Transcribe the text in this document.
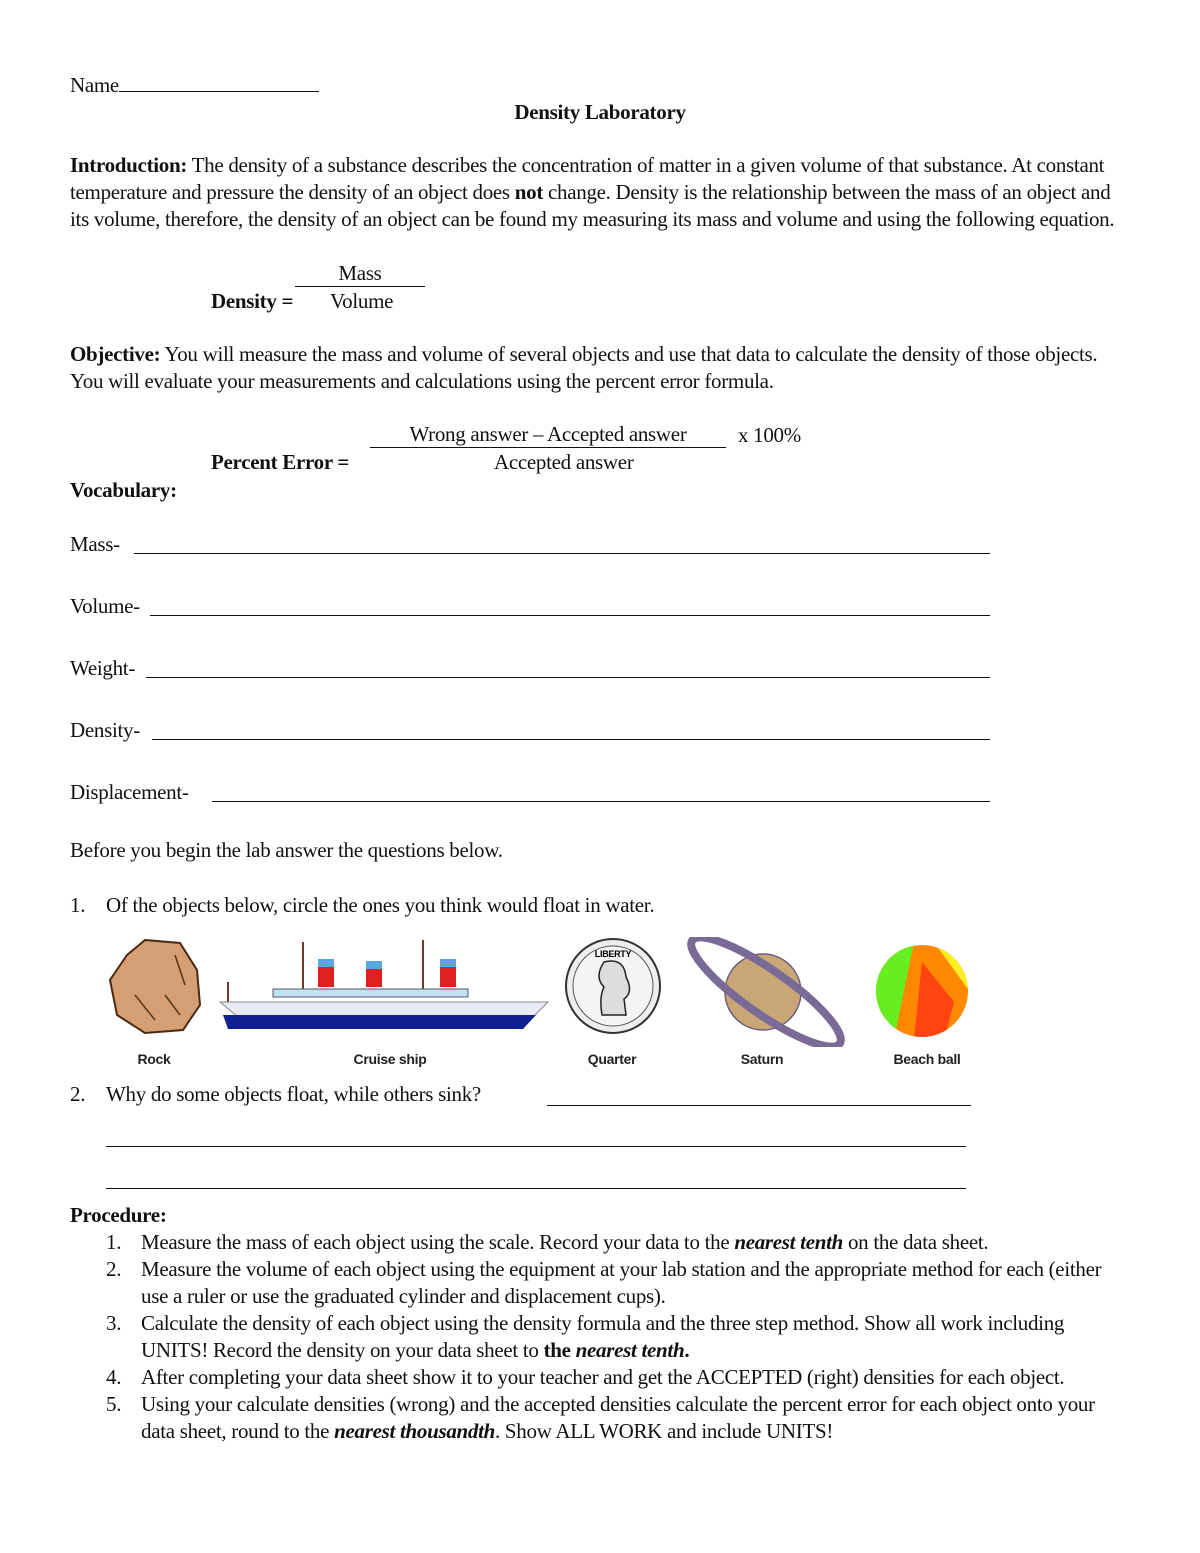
Name
Density Laboratory
Introduction: The density of a substance describes the concentration of matter in a given volume of that substance. At constant temperature and pressure the density of an object does not change. Density is the relationship between the mass of an object and its volume, therefore, the density of an object can be found my measuring its mass and volume and using the following equation.
Mass
Density = Volume
Objective: You will measure the mass and volume of several objects and use that data to calculate the density of those objects. You will evaluate your measurements and calculations using the percent error formula.
Wrong answer – Accepted answer	x 100%
Percent Error =	Accepted answer
Vocabulary:
Mass-
Volume-
Weight-
Density-
Displacement-
Before you begin the lab answer the questions below.
1. Of the objects below, circle the ones you think would float in water.
LIBERTY
Rock	Cruise ship	Quarter	Saturn	Beach ball
2. Why do some objects float, while others sink?
Procedure:
1. Measure the mass of each object using the scale. Record your data to the nearest tenth on the data sheet.
2. Measure the volume of each object using the equipment at your lab station and the appropriate method for each (either use a ruler or use the graduated cylinder and displacement cups).
3. Calculate the density of each object using the density formula and the three step method. Show all work including UNITS! Record the density on your data sheet to the nearest tenth.
4. After completing your data sheet show it to your teacher and get the ACCEPTED (right) densities for each object.
5. Using your calculate densities (wrong) and the accepted densities calculate the percent error for each object onto your data sheet, round to the nearest thousandth. Show ALL WORK and include UNITS!
